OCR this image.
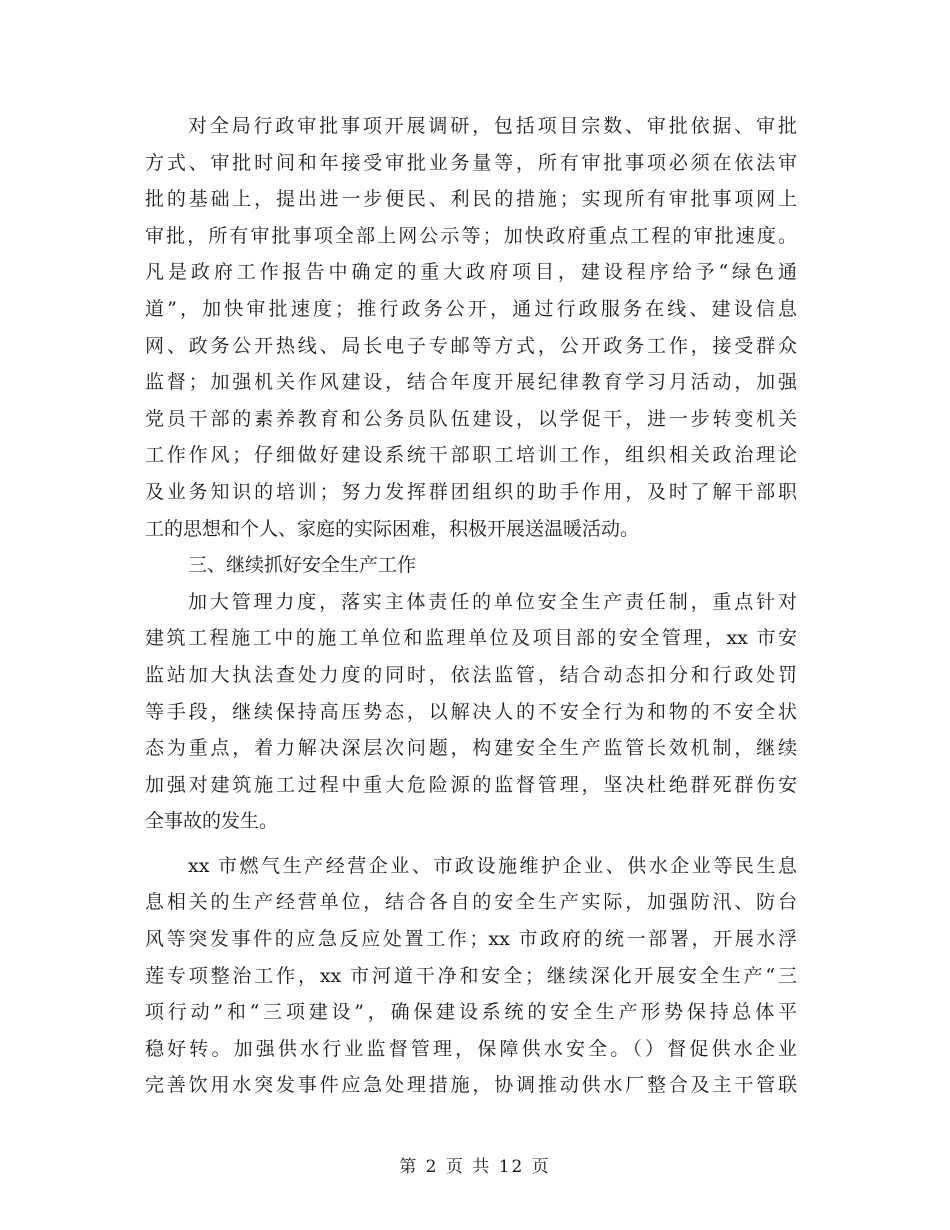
对全局行政审批事项开展调研，包括项目宗数、审批依据、审批
方式、审批时间和年接受审批业务量等，所有审批事项必须在依法审
批的基础上，提出进一步便民、利民的措施；实现所有审批事项网上
审批，所有审批事项全部上网公示等；加快政府重点工程的审批速度。
凡是政府工作报告中确定的重大政府项目，建设程序给予“绿色通
道”，加快审批速度；推行政务公开，通过行政服务在线、建设信息
网、政务公开热线、局长电子专邮等方式，公开政务工作，接受群众
监督；加强机关作风建设，结合年度开展纪律教育学习月活动，加强
党员干部的素养教育和公务员队伍建设，以学促干，进一步转变机关
工作作风；仔细做好建设系统干部职工培训工作，组织相关政治理论
及业务知识的培训；努力发挥群团组织的助手作用，及时了解干部职
工的思想和个人、家庭的实际困难，积极开展送温暖活动。
三、继续抓好安全生产工作
加大管理力度，落实主体责任的单位安全生产责任制，重点针对
建筑工程施工中的施工单位和监理单位及项目部的安全管理，xx 市安
监站加大执法查处力度的同时，依法监管，结合动态扣分和行政处罚
等手段，继续保持高压势态，以解决人的不安全行为和物的不安全状
态为重点，着力解决深层次问题，构建安全生产监管长效机制，继续
加强对建筑施工过程中重大危险源的监督管理，坚决杜绝群死群伤安
全事故的发生。
xx 市燃气生产经营企业、市政设施维护企业、供水企业等民生息
息相关的生产经营单位，结合各自的安全生产实际，加强防汛、防台
风等突发事件的应急反应处置工作；xx 市政府的统一部署，开展水浮
莲专项整治工作，xx 市河道干净和安全；继续深化开展安全生产“三
项行动”和“三项建设”，确保建设系统的安全生产形势保持总体平
稳好转。加强供水行业监督管理，保障供水安全。（）督促供水企业
完善饮用水突发事件应急处理措施，协调推动供水厂整合及主干管联
第 2 页 共 12 页
